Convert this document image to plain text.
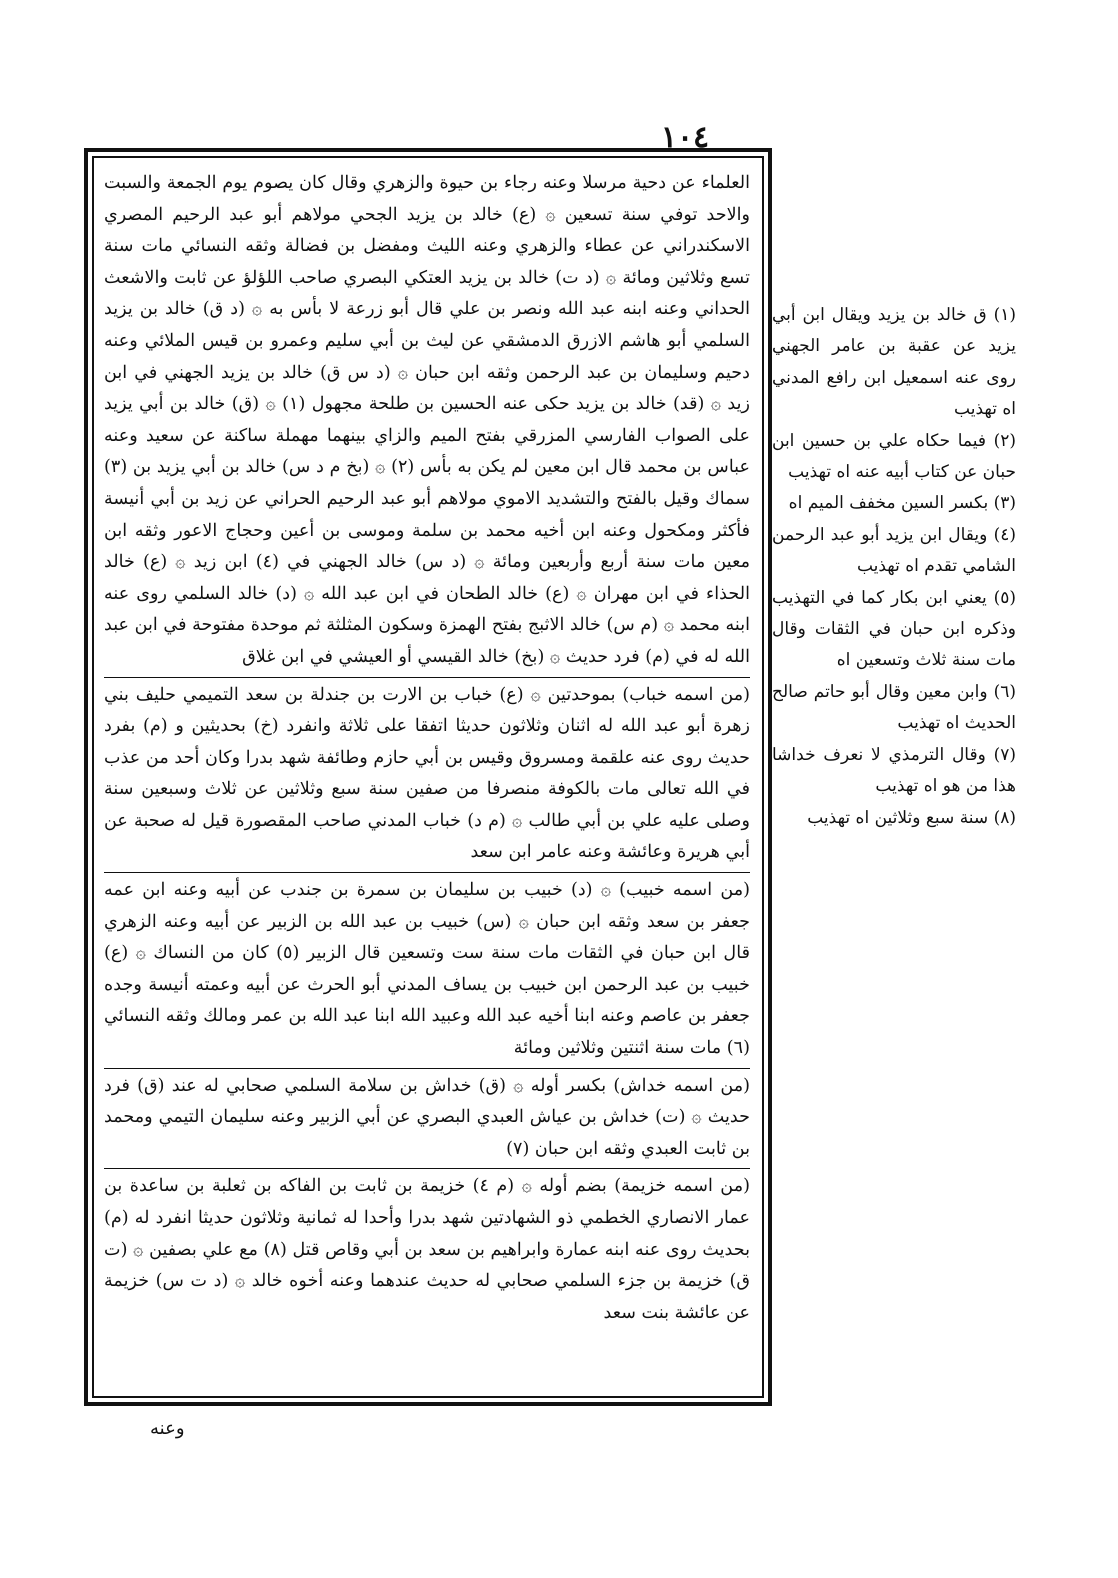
١٠٤

العلماء عن دحية مرسلا وعنه رجاء بن حيوة والزهري وقال كان يصوم يوم الجمعة والسبت والاحد توفي سنة تسعين ۞ (ع) خالد بن يزيد الجحي مولاهم أبو عبد الرحيم المصري الاسكندراني عن عطاء والزهري وعنه الليث ومفضل بن فضالة وثقه النسائي مات سنة تسع وثلاثين ومائة ۞ (د ت) خالد بن يزيد العتكي البصري صاحب اللؤلؤ عن ثابت والاشعث الحداني وعنه ابنه عبد الله ونصر بن علي قال أبو زرعة لا بأس به ۞ (د ق) خالد بن يزيد السلمي أبو هاشم الازرق الدمشقي عن ليث بن أبي سليم وعمرو بن قيس الملائي وعنه دحيم وسليمان بن عبد الرحمن وثقه ابن حبان ۞ (د س ق) خالد بن يزيد الجهني في ابن زيد ۞ (قد) خالد بن يزيد حكى عنه الحسين بن طلحة مجهول (١) ۞ (ق) خالد بن أبي يزيد على الصواب الفارسي المزرقي بفتح الميم والزاي بينهما مهملة ساكنة عن سعيد وعنه عباس بن محمد قال ابن معين لم يكن به بأس (٢) ۞ (بخ م د س) خالد بن أبي يزيد بن (٣) سماك وقيل بالفتح والتشديد الاموي مولاهم أبو عبد الرحيم الحراني عن زيد بن أبي أنيسة فأكثر ومكحول وعنه ابن أخيه محمد بن سلمة وموسى بن أعين وحجاج الاعور وثقه ابن معين مات سنة أربع وأربعين ومائة ۞ (د س) خالد الجهني في (٤) ابن زيد ۞ (ع) خالد الحذاء في ابن مهران ۞ (ع) خالد الطحان في ابن عبد الله ۞ (د) خالد السلمي روى عنه ابنه محمد ۞ (م س) خالد الاثبج بفتح الهمزة وسكون المثلثة ثم موحدة مفتوحة في ابن عبد الله له في (م) فرد حديث ۞ (بخ) خالد القيسي أو العيشي في ابن غلاق

(من اسمه خباب) بموحدتين ۞ (ع) خباب بن الارت بن جندلة بن سعد التميمي حليف بني زهرة أبو عبد الله له اثنان وثلاثون حديثا اتفقا على ثلاثة وانفرد (خ) بحديثين و (م) بفرد حديث روى عنه علقمة ومسروق وقيس بن أبي حازم وطائفة شهد بدرا وكان أحد من عذب في الله تعالى مات بالكوفة منصرفا من صفين سنة سبع وثلاثين عن ثلاث وسبعين سنة وصلى عليه علي بن أبي طالب ۞ (م د) خباب المدني صاحب المقصورة قيل له صحبة عن أبي هريرة وعائشة وعنه عامر ابن سعد

(من اسمه خبيب) ۞ (د) خبيب بن سليمان بن سمرة بن جندب عن أبيه وعنه ابن عمه جعفر بن سعد وثقه ابن حبان ۞ (س) خبيب بن عبد الله بن الزبير عن أبيه وعنه الزهري قال ابن حبان في الثقات مات سنة ست وتسعين قال الزبير (٥) كان من النساك ۞ (ع) خبيب بن عبد الرحمن ابن خبيب بن يساف المدني أبو الحرث عن أبيه وعمته أنيسة وجده جعفر بن عاصم وعنه ابنا أخيه عبد الله وعبيد الله ابنا عبد الله بن عمر ومالك وثقه النسائي (٦) مات سنة اثنتين وثلاثين ومائة

(من اسمه خداش) بكسر أوله ۞ (ق) خداش بن سلامة السلمي صحابي له عند (ق) فرد حديث ۞ (ت) خداش بن عياش العبدي البصري عن أبي الزبير وعنه سليمان التيمي ومحمد بن ثابت العبدي وثقه ابن حبان (٧)

(من اسمه خزيمة) بضم أوله ۞ (م ٤) خزيمة بن ثابت بن الفاكه بن ثعلبة بن ساعدة بن عمار الانصاري الخطمي ذو الشهادتين شهد بدرا وأحدا له ثمانية وثلاثون حديثا انفرد له (م) بحديث روى عنه ابنه عمارة وابراهيم بن سعد بن أبي وقاص قتل (٨) مع علي بصفين ۞ (ت ق) خزيمة بن جزء السلمي صحابي له حديث عندهما وعنه أخوه خالد ۞ (د ت س) خزيمة عن عائشة بنت سعد

(١) ق خالد بن يزيد ويقال ابن أبي يزيد عن عقبة بن عامر الجهني روى عنه اسمعيل ابن رافع المدني اه تهذيب

(٢) فيما حكاه علي بن حسين ابن حبان عن كتاب أبيه عنه اه تهذيب

(٣) بكسر السين مخفف الميم اه

(٤) ويقال ابن يزيد أبو عبد الرحمن الشامي تقدم اه تهذيب

(٥) يعني ابن بكار كما في التهذيب وذكره ابن حبان في الثقات وقال مات سنة ثلاث وتسعين اه

(٦) وابن معين وقال أبو حاتم صالح الحديث اه تهذيب

(٧) وقال الترمذي لا نعرف خداشا هذا من هو اه تهذيب

(٨) سنة سبع وثلاثين اه تهذيب

وعنه
